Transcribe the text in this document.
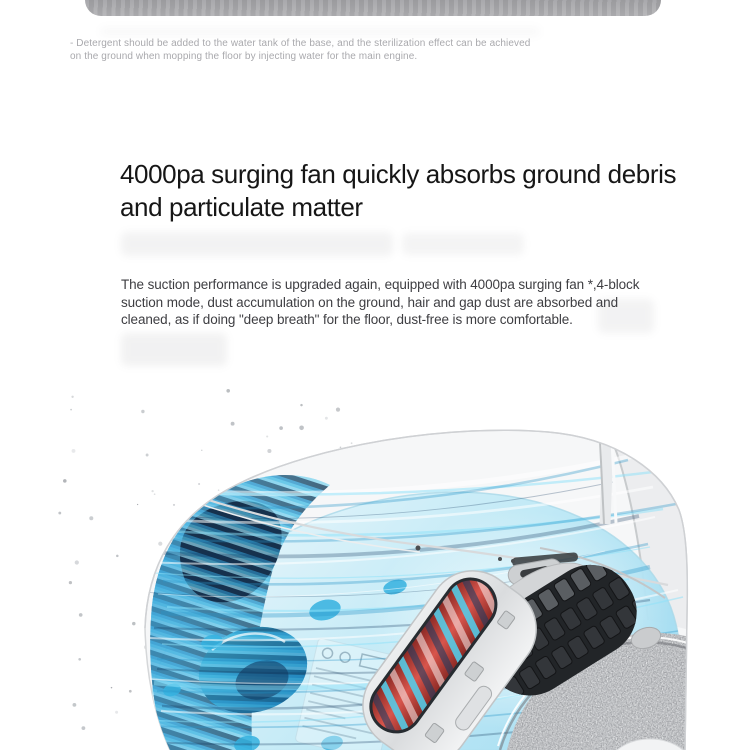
- Detergent should be added to the water tank of the base, and the sterilization effect can be achieved
on the ground when mopping the floor by injecting water for the main engine.
4000pa surging fan quickly absorbs ground debris
and particulate matter
The suction performance is upgraded again, equipped with 4000pa surging fan *,4-block
suction mode, dust accumulation on the ground, hair and gap dust are absorbed and
cleaned, as if doing "deep breath" for the floor, dust-free is more comfortable.
